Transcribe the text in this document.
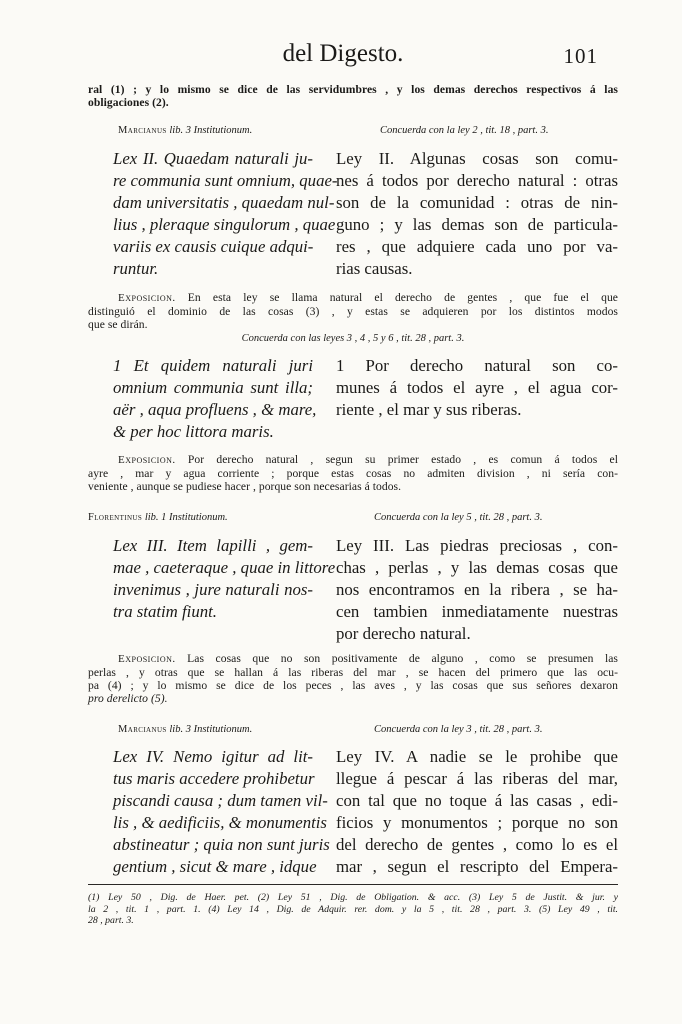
del Digesto.	101
ral (1) ; y lo mismo se dice de las servidumbres , y los demas derechos respectivos á las
obligaciones (2).
Marcianus lib. 3 Institutionum.	Concuerda con la ley 2 , tit. 18 , part. 3.
Lex II. Quaedam naturali ju-
re communia sunt omnium, quae-
dam universitatis , quaedam nul-
lius , pleraque singulorum , quae
variis ex causis cuique adqui-
runtur.
Ley II. Algunas cosas son comu-
nes á todos por derecho natural : otras
son de la comunidad : otras de nin-
guno ; y las demas son de particula-
res , que adquiere cada uno por va-
rias causas.
Exposicion. En esta ley se llama natural el derecho de gentes , que fue el que
distinguió el dominio de las cosas (3) , y estas se adquieren por los distintos modos
que se dirán.
Concuerda con las leyes 3 , 4 , 5 y 6 , tit. 28 , part. 3.
1 Et quidem naturali juri
omnium communia sunt illa;
aër , aqua profluens , & mare,
& per hoc littora maris.
1 Por derecho natural son co-
munes á todos el ayre , el agua cor-
riente , el mar y sus riberas.
Exposicion. Por derecho natural , segun su primer estado , es comun á todos el
ayre , mar y agua corriente ; porque estas cosas no admiten division , ni sería con-
veniente , aunque se pudiese hacer , porque son necesarias á todos.
Florentinus lib. 1 Institutionum.	Concuerda con la ley 5 , tit. 28 , part. 3.
Lex III. Item lapilli , gem-
mae , caeteraque , quae in littore
invenimus , jure naturali nos-
tra statim fiunt.
Ley III. Las piedras preciosas , con-
chas , perlas , y las demas cosas que
nos encontramos en la ribera , se ha-
cen tambien inmediatamente nuestras
por derecho natural.
Exposicion. Las cosas que no son positivamente de alguno , como se presumen las
perlas , y otras que se hallan á las riberas del mar , se hacen del primero que las ocu-
pa (4) ; y lo mismo se dice de los peces , las aves , y las cosas que sus señores dexaron
pro derelicto (5).
Marcianus lib. 3 Institutionum.	Concuerda con la ley 3 , tit. 28 , part. 3.
Lex IV. Nemo igitur ad lit-
tus maris accedere prohibetur
piscandi causa ; dum tamen vil-
lis , & aedificiis, & monumentis
abstineatur ; quia non sunt juris
gentium , sicut & mare , idque
Ley IV. A nadie se le prohibe que
llegue á pescar á las riberas del mar,
con tal que no toque á las casas , edi-
ficios y monumentos ; porque no son
del derecho de gentes , como lo es el
mar , segun el rescripto del Empera-
(1) Ley 50 , Dig. de Haer. pet. (2) Ley 51 , Dig. de Obligation. & acc. (3) Ley 5 de Justit. & jur. y
la 2 , tit. 1 , part. 1. (4) Ley 14 , Dig. de Adquir. rer. dom. y la 5 , tit. 28 , part. 3. (5) Ley 49 , tit.
28 , part. 3.
